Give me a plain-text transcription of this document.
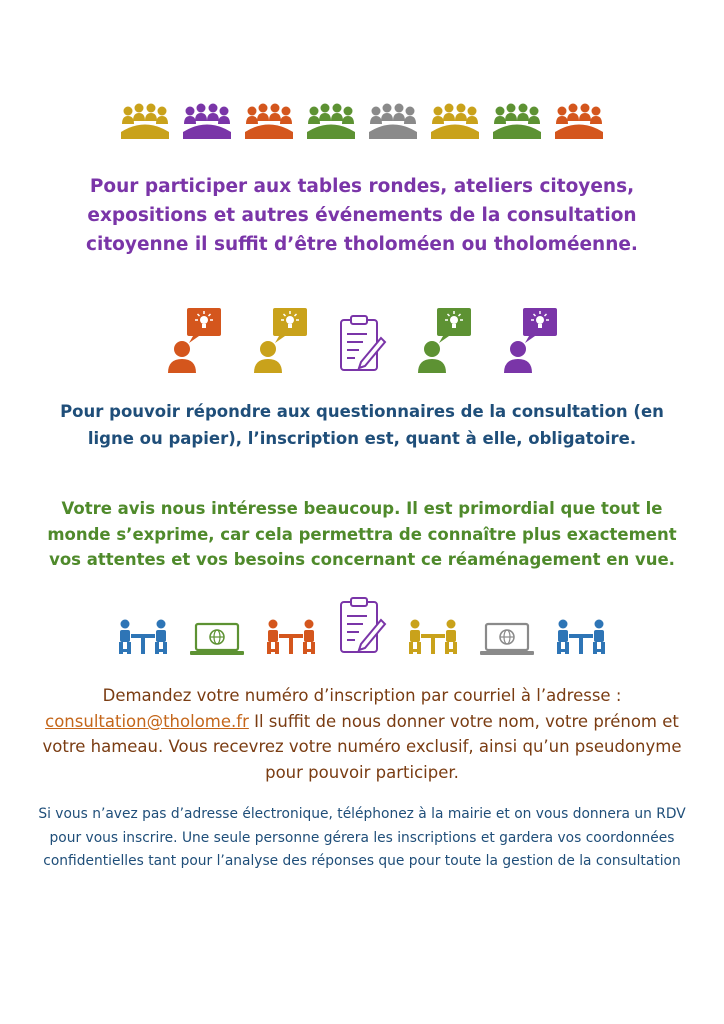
Pour participer aux tables rondes, ateliers citoyens, expositions et autres événements de la consultation citoyenne il suffit d’être tholoméen ou tholoméenne.

Pour pouvoir répondre aux questionnaires de la consultation (en ligne ou papier), l’inscription est, quant à elle, obligatoire.

Votre avis nous intéresse beaucoup. Il est primordial que tout le monde s’exprime, car cela permettra de connaître plus exactement vos attentes et vos besoins concernant ce réaménagement en vue.

Demandez votre numéro d’inscription par courriel à l’adresse :
consultation@tholome.fr Il suffit de nous donner votre nom, votre prénom et votre hameau. Vous recevrez votre numéro exclusif, ainsi qu’un pseudonyme pour pouvoir participer.

Si vous n’avez pas d’adresse électronique, téléphonez à la mairie et on vous donnera un RDV pour vous inscrire. Une seule personne gérera les inscriptions et gardera vos coordonnées confidentielles tant pour l’analyse des réponses que pour toute la gestion de la consultation
